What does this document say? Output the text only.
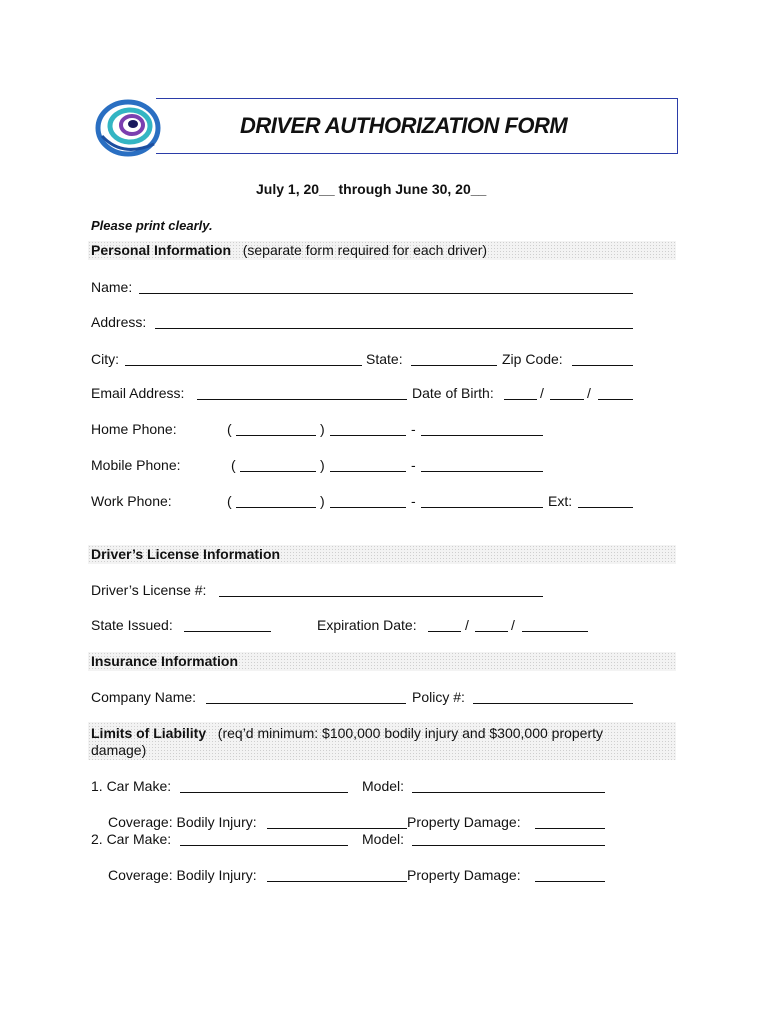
DRIVER AUTHORIZATION FORM
July 1, 20__ through June 30, 20__
Please print clearly.
Personal Information (separate form required for each driver)
Name:
Address:
City:	State:	Zip Code:
Email Address:	Date of Birth:	/	/
Home Phone:	(	)	-
Mobile Phone:	(	)	-
Work Phone:	(	)	-	Ext:
Driver’s License Information
Driver’s License #:
State Issued:	Expiration Date:	/	/
Insurance Information
Company Name:	Policy #:
Limits of Liability (req’d minimum: $100,000 bodily injury and $300,000 property
damage)
1. Car Make:	Model:
Coverage: Bodily Injury:	Property Damage:
2. Car Make:	Model:
Coverage: Bodily Injury:	Property Damage:
